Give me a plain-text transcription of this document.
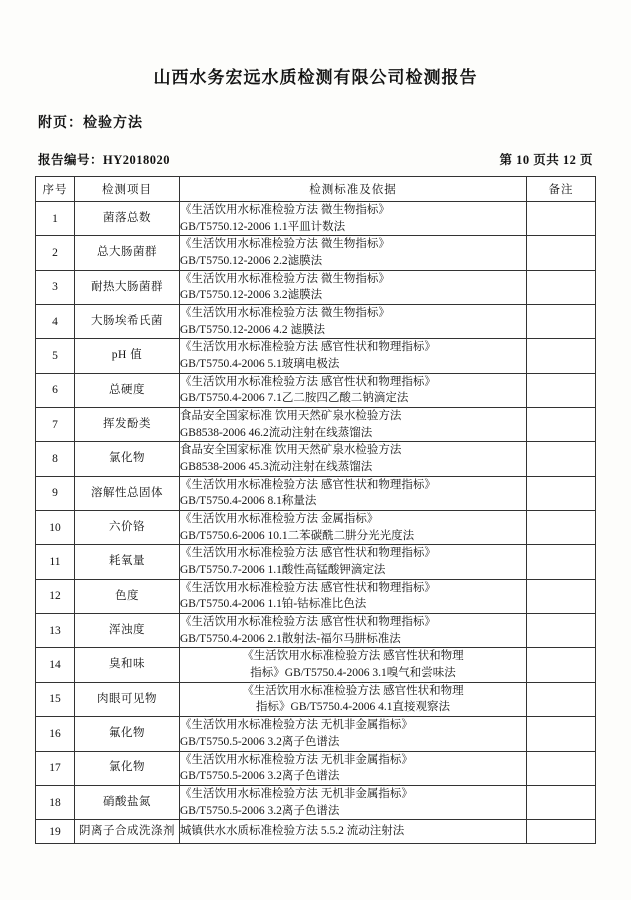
山西水务宏远水质检测有限公司检测报告
附页：检验方法
报告编号：HY2018020	第 10 页共 12 页
序号	检测项目	检测标准及依据	备注
1	菌落总数	《生活饮用水标准检验方法 微生物指标》
GB/T5750.12-2006 1.1平皿计数法	

2	总大肠菌群	《生活饮用水标准检验方法 微生物指标》
GB/T5750.12-2006 2.2滤膜法	

3	耐热大肠菌群	《生活饮用水标准检验方法 微生物指标》
GB/T5750.12-2006 3.2滤膜法	

4	大肠埃希氏菌	《生活饮用水标准检验方法 微生物指标》
GB/T5750.12-2006 4.2 滤膜法	

5	pH 值	《生活饮用水标准检验方法 感官性状和物理指标》
GB/T5750.4-2006 5.1玻璃电极法	

6	总硬度	《生活饮用水标准检验方法 感官性状和物理指标》
GB/T5750.4-2006 7.1乙二胺四乙酸二钠滴定法	

7	挥发酚类	食品安全国家标准 饮用天然矿泉水检验方法
GB8538-2006 46.2流动注射在线蒸馏法	

8	氯化物	食品安全国家标准 饮用天然矿泉水检验方法
GB8538-2006 45.3流动注射在线蒸馏法	

9	溶解性总固体	《生活饮用水标准检验方法 感官性状和物理指标》
GB/T5750.4-2006 8.1称量法	

10	六价铬	《生活饮用水标准检验方法 金属指标》
GB/T5750.6-2006 10.1二苯碳酰二肼分光光度法	

11	耗氧量	《生活饮用水标准检验方法 感官性状和物理指标》
GB/T5750.7-2006 1.1酸性高锰酸钾滴定法	

12	色度	《生活饮用水标准检验方法 感官性状和物理指标》
GB/T5750.4-2006 1.1铂-钴标准比色法	

13	浑浊度	《生活饮用水标准检验方法 感官性状和物理指标》
GB/T5750.4-2006 2.1散射法-福尔马肼标准法	

14	臭和味	《生活饮用水标准检验方法 感官性状和物理
指标》GB/T5750.4-2006 3.1嗅气和尝味法	

15	肉眼可见物	《生活饮用水标准检验方法 感官性状和物理
指标》GB/T5750.4-2006 4.1直接观察法	

16	氟化物	《生活饮用水标准检验方法 无机非金属指标》
GB/T5750.5-2006 3.2离子色谱法	

17	氯化物	《生活饮用水标准检验方法 无机非金属指标》
GB/T5750.5-2006 3.2离子色谱法	

18	硝酸盐氮	《生活饮用水标准检验方法 无机非金属指标》
GB/T5750.5-2006 3.2离子色谱法	

19	阴离子合成洗涤剂	城镇供水水质标准检验方法 5.5.2 流动注射法	
